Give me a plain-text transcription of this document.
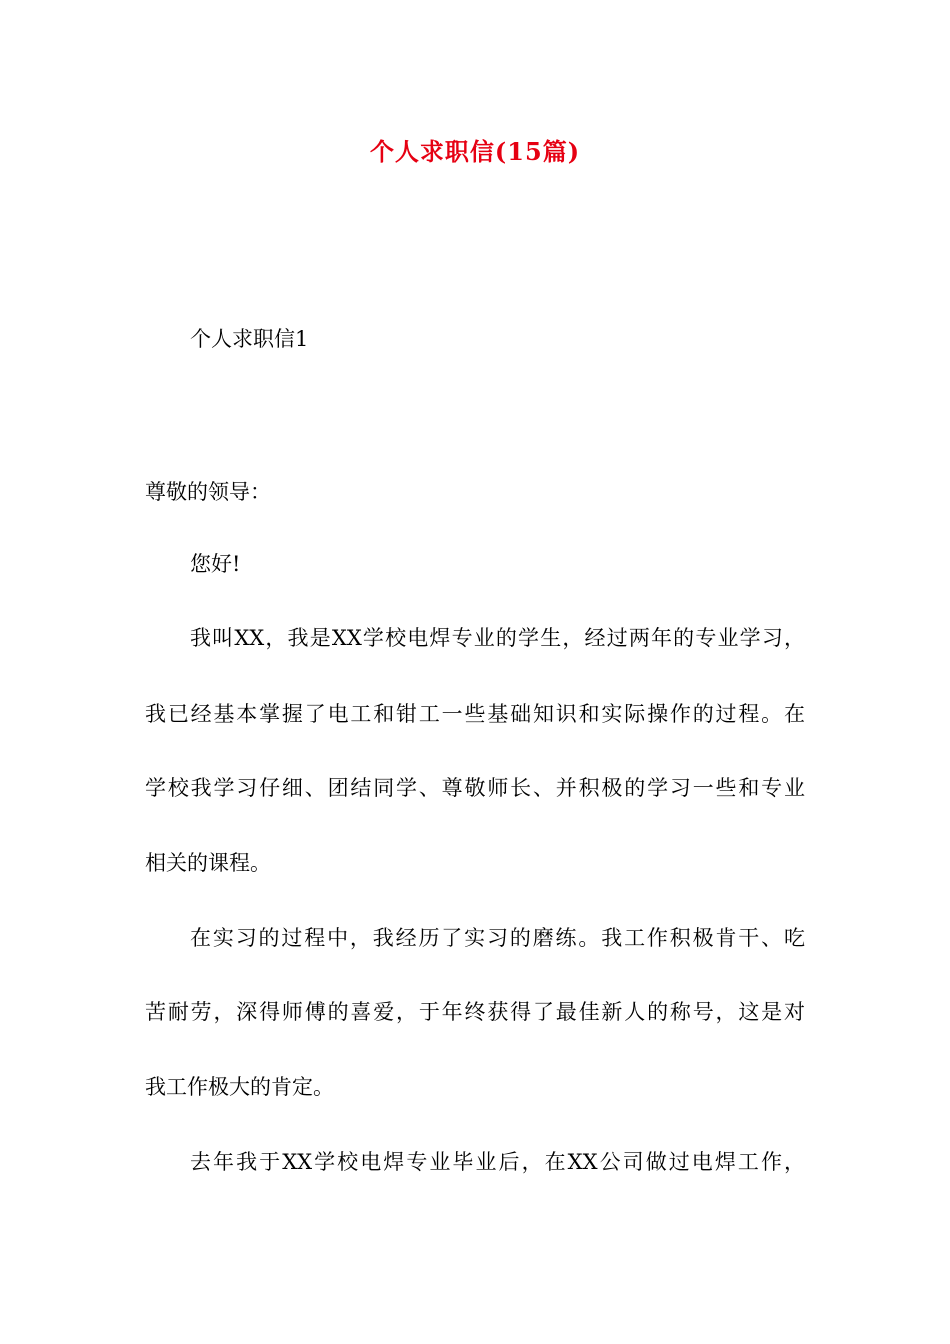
个人求职信(15篇)
个人求职信1
尊敬的领导：
您好!
我叫XX，我是XX学校电焊专业的学生，经过两年的专业学习，
我已经基本掌握了电工和钳工一些基础知识和实际操作的过程。在
学校我学习仔细、团结同学、尊敬师长、并积极的学习一些和专业
相关的课程。
在实习的过程中，我经历了实习的磨练。我工作积极肯干、吃
苦耐劳，深得师傅的喜爱，于年终获得了最佳新人的称号，这是对
我工作极大的肯定。
去年我于XX学校电焊专业毕业后，在XX公司做过电焊工作，
